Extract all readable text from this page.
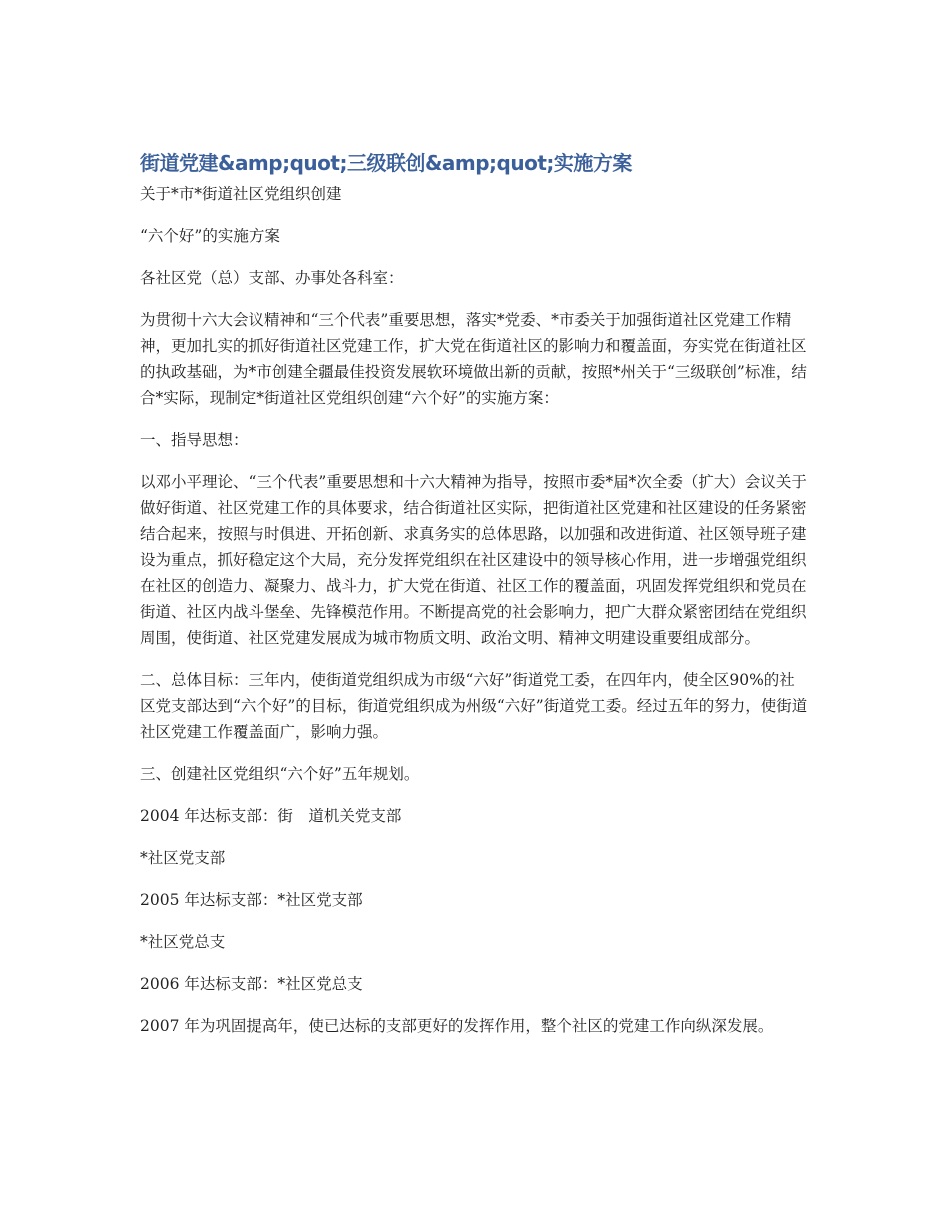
街道党建&amp;quot;三级联创&amp;quot;实施方案

关于*市*街道社区党组织创建

“六个好”的实施方案

各社区党（总）支部、办事处各科室：

为贯彻十六大会议精神和“三个代表”重要思想，落实*党委、*市委关于加强街道社区党建工作精神，更加扎实的抓好街道社区党建工作，扩大党在街道社区的影响力和覆盖面，夯实党在街道社区的执政基础，为*市创建全疆最佳投资发展软环境做出新的贡献，按照*州关于“三级联创”标准，结合*实际，现制定*街道社区党组织创建“六个好”的实施方案：

一、指导思想：

以邓小平理论、“三个代表”重要思想和十六大精神为指导，按照市委*届*次全委（扩大）会议关于做好街道、社区党建工作的具体要求，结合街道社区实际，把街道社区党建和社区建设的任务紧密结合起来，按照与时俱进、开拓创新、求真务实的总体思路，以加强和改进街道、社区领导班子建设为重点，抓好稳定这个大局，充分发挥党组织在社区建设中的领导核心作用，进一步增强党组织在社区的创造力、凝聚力、战斗力，扩大党在街道、社区工作的覆盖面，巩固发挥党组织和党员在街道、社区内战斗堡垒、先锋模范作用。不断提高党的社会影响力，把广大群众紧密团结在党组织周围，使街道、社区党建发展成为城市物质文明、政治文明、精神文明建设重要组成部分。

二、总体目标：三年内，使街道党组织成为市级“六好”街道党工委，在四年内，使全区90%的社区党支部达到“六个好”的目标，街道党组织成为州级“六好”街道党工委。经过五年的努力，使街道社区党建工作覆盖面广，影响力强。

三、创建社区党组织“六个好”五年规划。

2004 年达标支部：街　道机关党支部

*社区党支部

2005 年达标支部：*社区党支部

*社区党总支

2006 年达标支部：*社区党总支

2007 年为巩固提高年，使已达标的支部更好的发挥作用，整个社区的党建工作向纵深发展。
